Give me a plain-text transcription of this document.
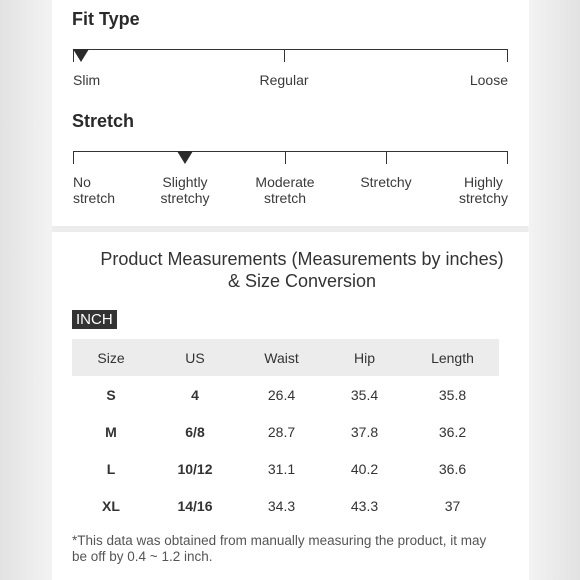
Fit Type
Slim	Regular	Loose
Stretch
No
stretch
Slightly
stretchy
Moderate
stretch
Stretchy	Highly
stretchy
Product Measurements (Measurements by inches) & Size Conversion
INCH
Size	US	Waist	Hip	Length
S	4	26.4	35.4	35.8
M	6/8	28.7	37.8	36.2
L	10/12	31.1	40.2	36.6
XL	14/16	34.3	43.3	37
*This data was obtained from manually measuring the product, it may be off by 0.4 ~ 1.2 inch.
